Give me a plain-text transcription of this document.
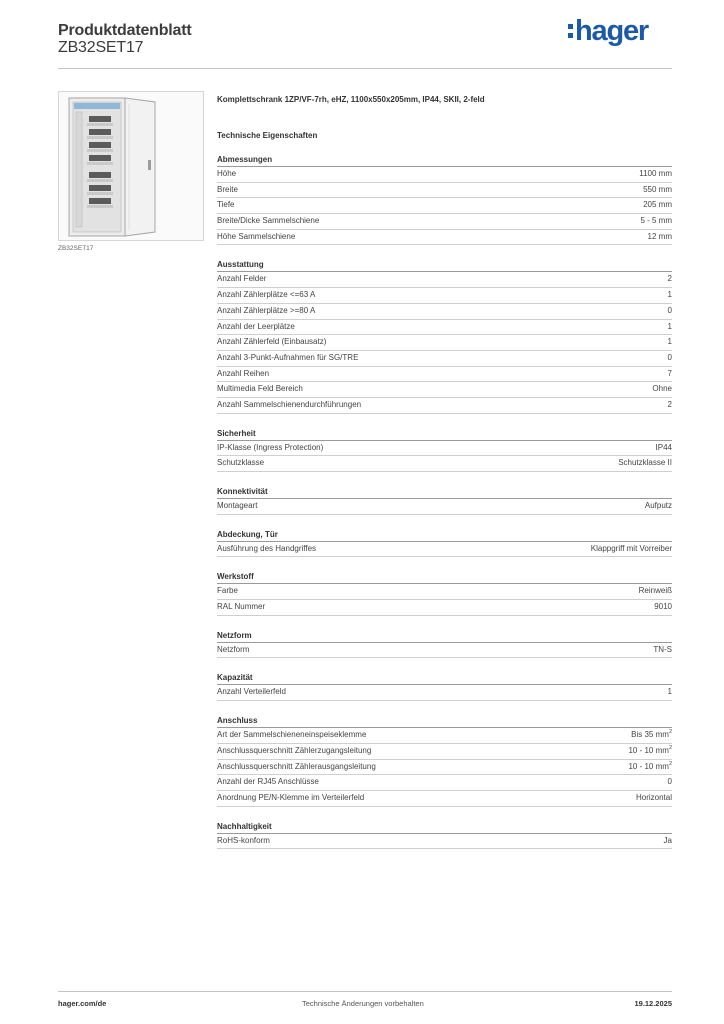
Produktdatenblatt
ZB32SET17
hager
ZB32SET17
Komplettschrank 1ZP/VF-7rh, eHZ, 1100x550x205mm, IP44, SKII, 2-feld
Technische Eigenschaften
Abmessungen
Höhe	1100 mm
Breite	550 mm
Tiefe	205 mm
Breite/Dicke Sammelschiene	5 - 5 mm
Höhe Sammelschiene	12 mm
Ausstattung
Anzahl Felder	2
Anzahl Zählerplätze <=63 A	1
Anzahl Zählerplätze >=80 A	0
Anzahl der Leerplätze	1
Anzahl Zählerfeld (Einbausatz)	1
Anzahl 3-Punkt-Aufnahmen für SG/TRE	0
Anzahl Reihen	7
Multimedia Feld Bereich	Ohne
Anzahl Sammelschienendurchführungen	2
Sicherheit
IP-Klasse (Ingress Protection)	IP44
Schutzklasse	Schutzklasse II
Konnektivität
Montageart	Aufputz
Abdeckung, Tür
Ausführung des Handgriffes	Klappgriff mit Vorreiber
Werkstoff
Farbe	Reinweiß
RAL Nummer	9010
Netzform
Netzform	TN-S
Kapazität
Anzahl Verteilerfeld	1
Anschluss
Art der Sammelschieneneinspeiseklemme	Bis 35 $mm^2$
Anschlussquerschnitt Zählerzugangsleitung	10 - 10 $mm^2$
Anschlussquerschnitt Zählerausgangsleitung	10 - 10 $mm^2$
Anzahl der RJ45 Anschlüsse	0
Anordnung PE/N-Klemme im Verteilerfeld	Horizontal
Nachhaltigkeit
RoHS-konform	Ja
hager.com/de	Technische Änderungen vorbehalten	19.12.2025
